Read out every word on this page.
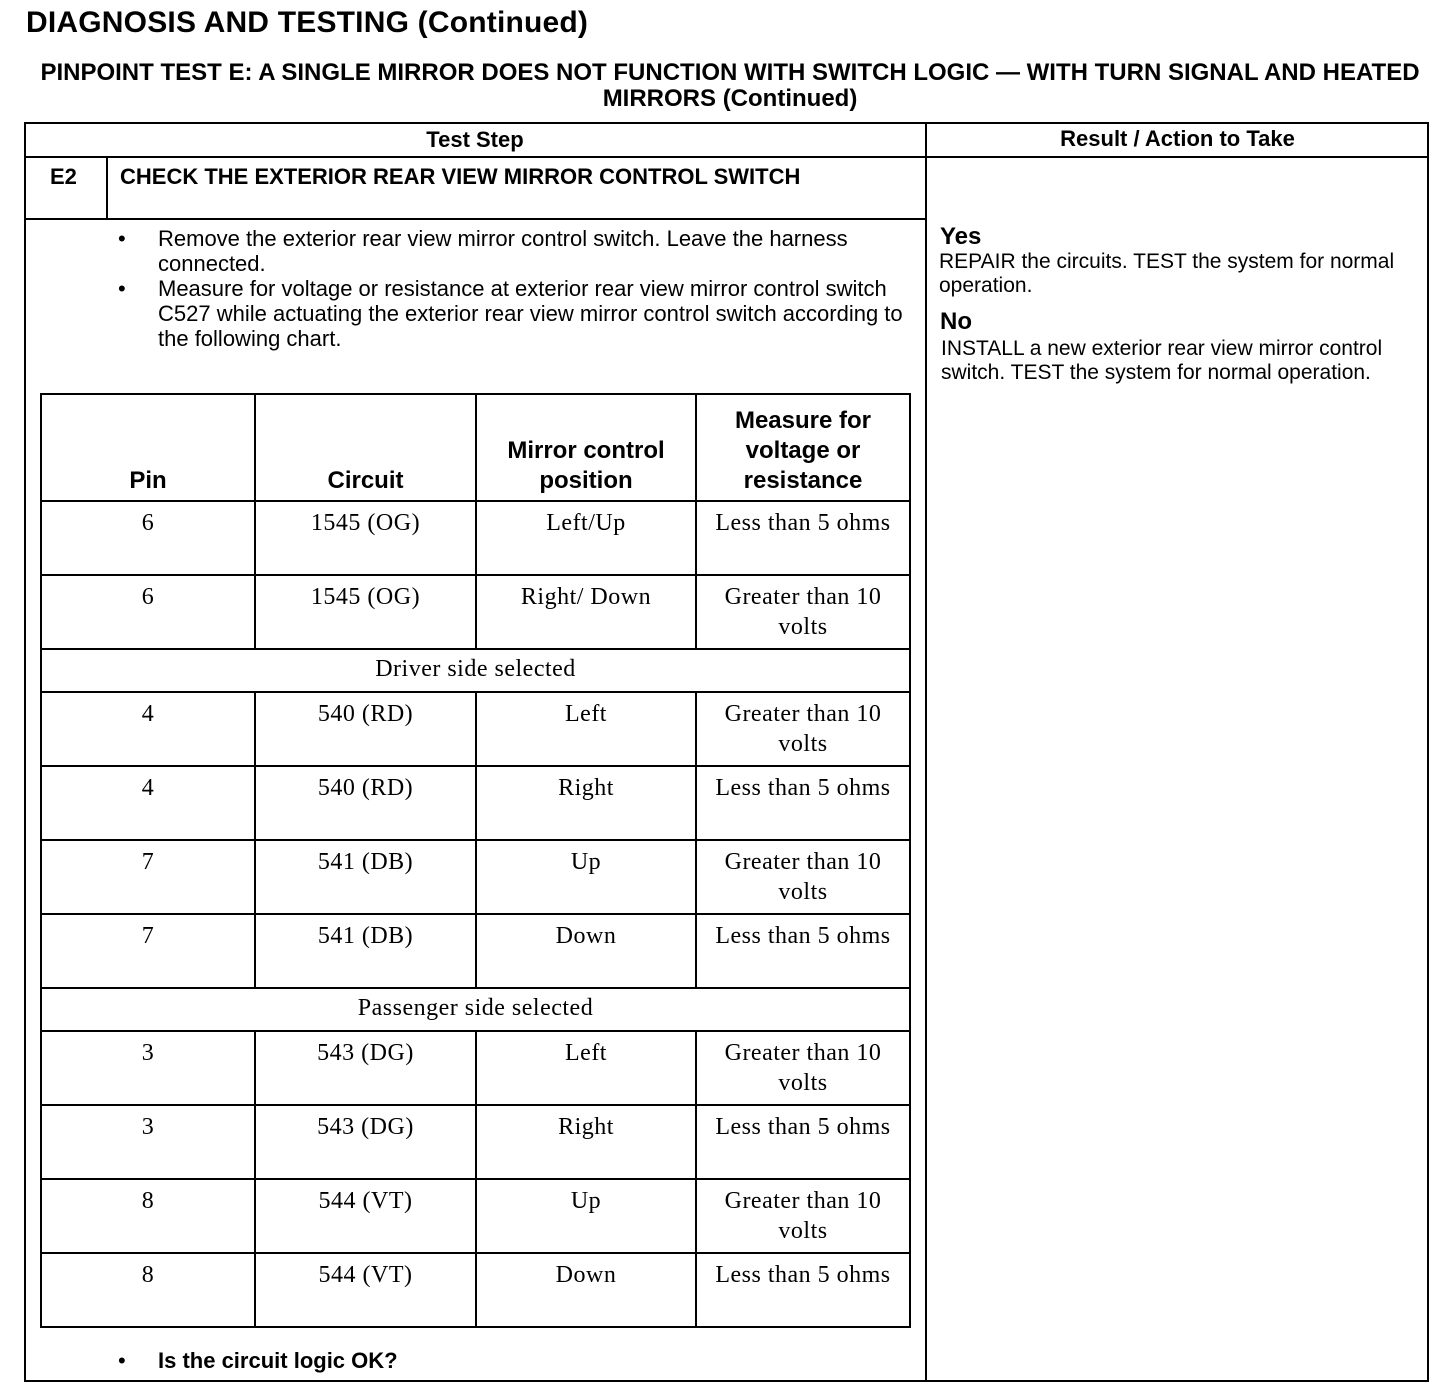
DIAGNOSIS AND TESTING (Continued)
PINPOINT TEST E: A SINGLE MIRROR DOES NOT FUNCTION WITH SWITCH LOGIC — WITH TURN SIGNAL AND HEATED MIRRORS (Continued)
Test Step	Result / Action to Take
E2 CHECK THE EXTERIOR REAR VIEW MIRROR CONTROL SWITCH
• Remove the exterior rear view mirror control switch. Leave the harness connected.
• Measure for voltage or resistance at exterior rear view mirror control switch C527 while actuating the exterior rear view mirror control switch according to the following chart.
Pin	Circuit	Mirror control position	Measure for voltage or resistance
6	1545 (OG)	Left/Up	Less than 5 ohms
6	1545 (OG)	Right/ Down	Greater than 10 volts
Driver side selected			
4	540 (RD)	Left	Greater than 10 volts
4	540 (RD)	Right	Less than 5 ohms
7	541 (DB)	Up	Greater than 10 volts
7	541 (DB)	Down	Less than 5 ohms
Passenger side selected			
3	543 (DG)	Left	Greater than 10 volts
3	543 (DG)	Right	Less than 5 ohms
8	544 (VT)	Up	Greater than 10 volts
8	544 (VT)	Down	Less than 5 ohms
• Is the circuit logic OK?
Yes
REPAIR the circuits. TEST the system for normal operation.
No
INSTALL a new exterior rear view mirror control switch. TEST the system for normal operation.
